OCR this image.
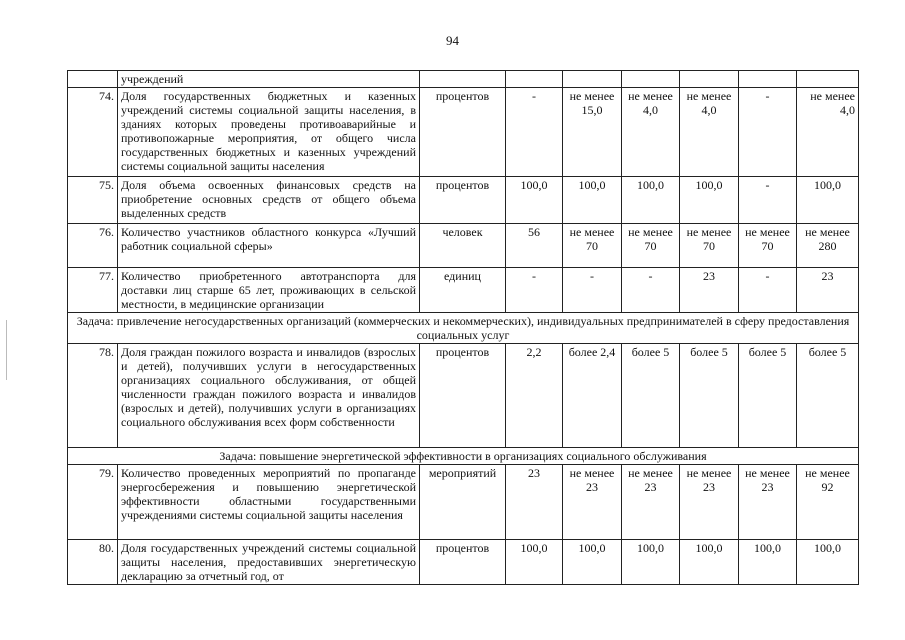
94
	учреждений							
74.	Доля государственных бюджетных и казенных учреждений системы социальной защиты населения, в зданиях которых проведены противоаварийные и противопожарные мероприятия, от общего числа государственных бюджетных и казенных учреждений системы социальной защиты населения	процентов	-	не менее 15,0	не менее 4,0	не менее 4,0	-	не менее 4,0
75.	Доля объема освоенных финансовых средств на приобретение основных средств от общего объема выделенных средств	процентов	100,0	100,0	100,0	100,0	-	100,0
76.	Количество участников областного конкурса «Лучший работник социальной сферы»	человек	56	не менее 70	не менее 70	не менее 70	не менее 70	не менее 280
77.	Количество приобретенного автотранспорта для доставки лиц старше 65 лет, проживающих в сельской местности, в медицинские организации	единиц	-	-	-	23	-	23
Задача: привлечение негосударственных организаций (коммерческих и некоммерческих), индивидуальных предпринимателей в сферу предоставления социальных услуг								
78.	Доля граждан пожилого возраста и инвалидов (взрослых и детей), получивших услуги в негосударственных организациях социального обслуживания, от общей численности граждан пожилого возраста и инвалидов (взрослых и детей), получивших услуги в организациях социального обслуживания всех форм собственности	процентов	2,2	более 2,4	более 5	более 5	более 5	более 5
Задача: повышение энергетической эффективности в организациях социального обслуживания								
79.	Количество проведенных мероприятий по пропаганде энергосбережения и повышению энергетической эффективности областными государственными учреждениями системы социальной защиты населения	мероприятий	23	не менее 23	не менее 23	не менее 23	не менее 23	не менее 92
80.	Доля государственных учреждений системы социальной защиты населения, предоставивших энергетическую декларацию за отчетный год, от	процентов	100,0	100,0	100,0	100,0	100,0	100,0
